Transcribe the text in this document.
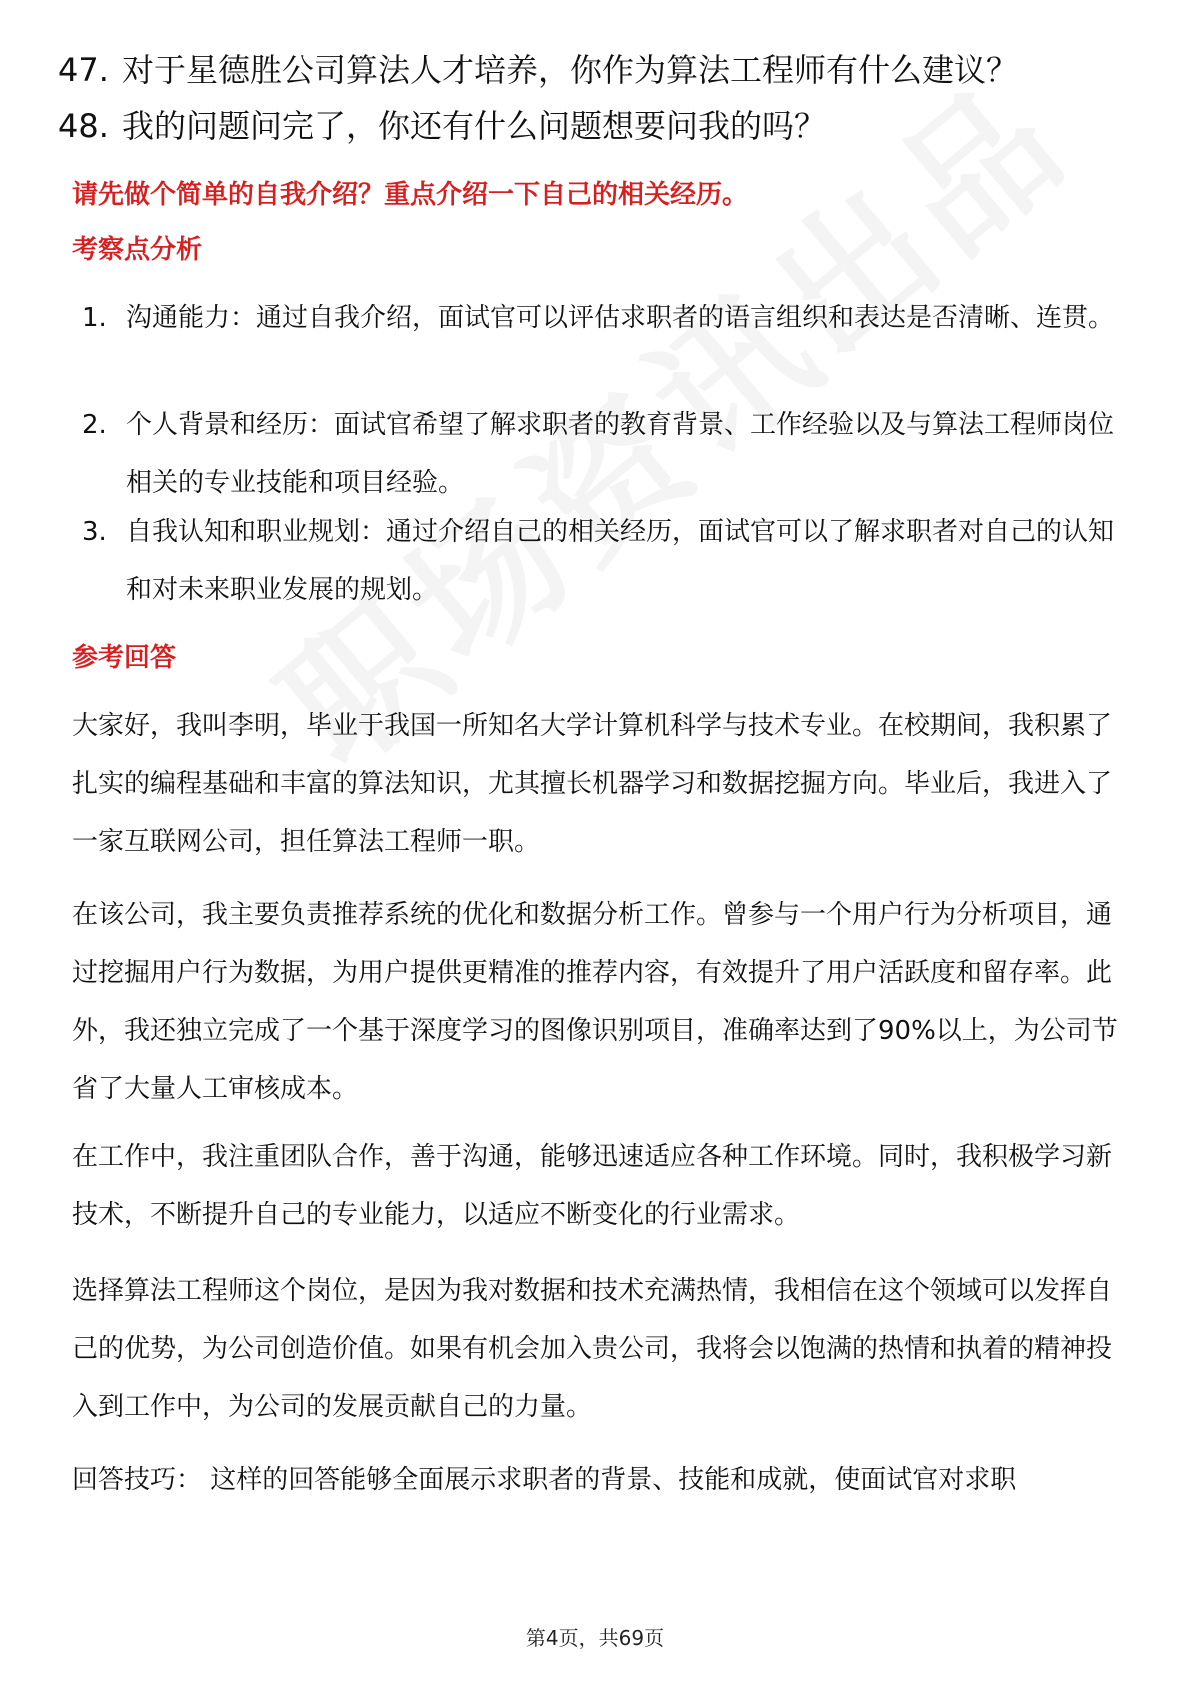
47. 对于星德胜公司算法人才培养，你作为算法工程师有什么建议？
48. 我的问题问完了，你还有什么问题想要问我的吗？
请先做个简单的自我介绍？重点介绍一下自己的相关经历。
考察点分析
1. 沟通能力：通过自我介绍，面试官可以评估求职者的语言组织和表达是否清晰、连贯。
2. 个人背景和经历：面试官希望了解求职者的教育背景、工作经验以及与算法工程师岗位相关的专业技能和项目经验。
3. 自我认知和职业规划：通过介绍自己的相关经历，面试官可以了解求职者对自己的认知和对未来职业发展的规划。
参考回答
大家好，我叫李明，毕业于我国一所知名大学计算机科学与技术专业。在校期间，我积累了扎实的编程基础和丰富的算法知识，尤其擅长机器学习和数据挖掘方向。毕业后，我进入了一家互联网公司，担任算法工程师一职。
在该公司，我主要负责推荐系统的优化和数据分析工作。曾参与一个用户行为分析项目，通过挖掘用户行为数据，为用户提供更精准的推荐内容，有效提升了用户活跃度和留存率。此外，我还独立完成了一个基于深度学习的图像识别项目，准确率达到了90%以上，为公司节省了大量人工审核成本。
在工作中，我注重团队合作，善于沟通，能够迅速适应各种工作环境。同时，我积极学习新技术，不断提升自己的专业能力，以适应不断变化的行业需求。
选择算法工程师这个岗位，是因为我对数据和技术充满热情，我相信在这个领域可以发挥自己的优势，为公司创造价值。如果有机会加入贵公司，我将会以饱满的热情和执着的精神投入到工作中，为公司的发展贡献自己的力量。
回答技巧： 这样的回答能够全面展示求职者的背景、技能和成就，使面试官对求职
第4页，共69页
